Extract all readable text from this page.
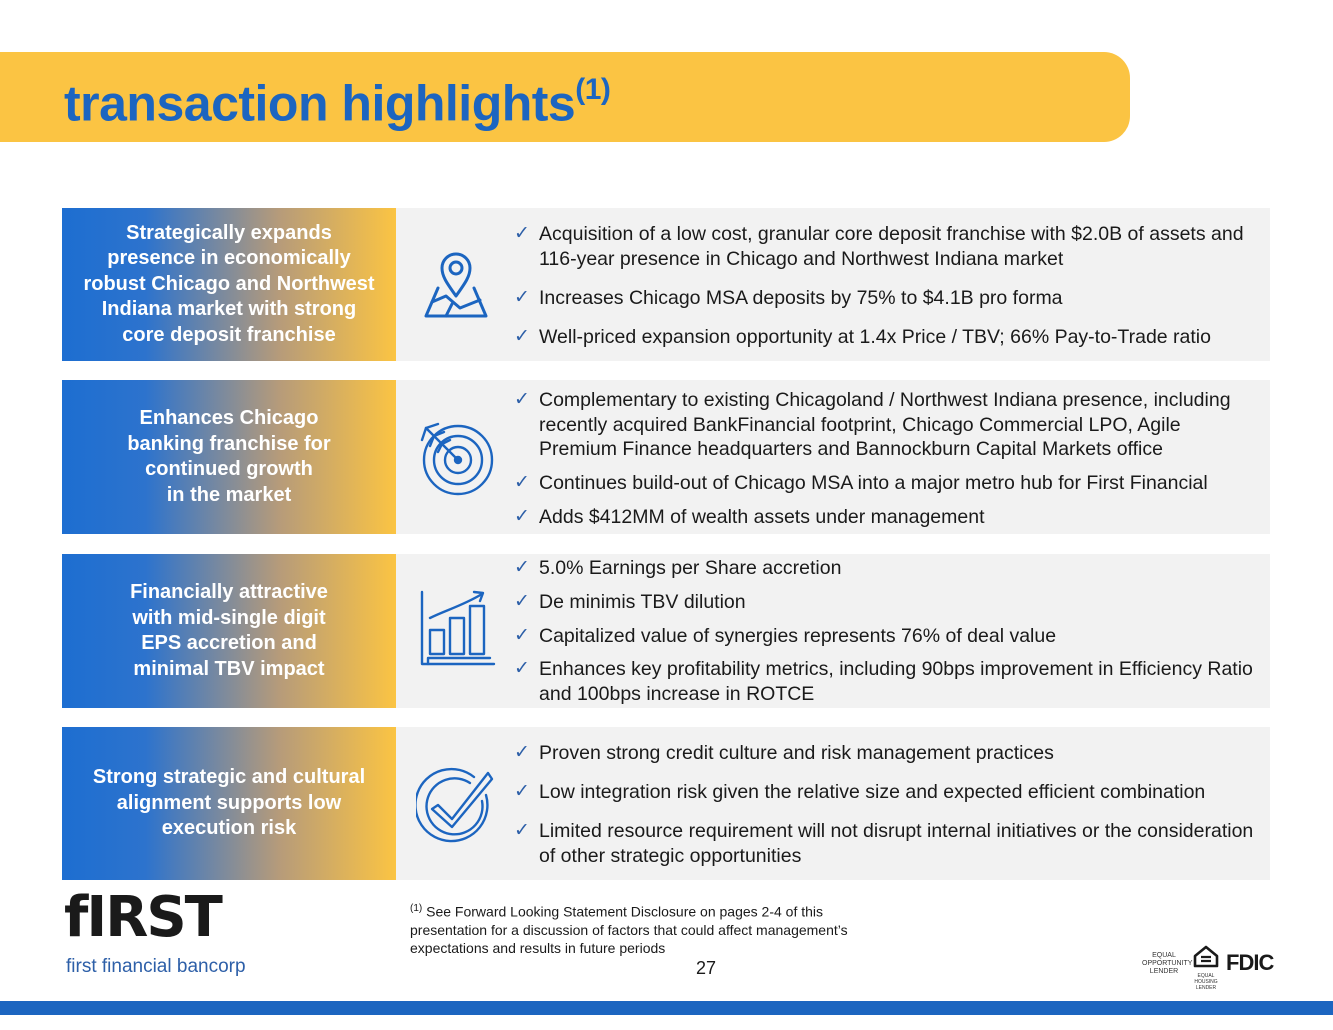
transaction highlights$^{(1)}$
Strategically expands
presence in economically
robust Chicago and Northwest
Indiana market with strong
core deposit franchise
✓ Acquisition of a low cost, granular core deposit franchise with $2.0B of assets and 116-year presence in Chicago and Northwest Indiana market
✓ Increases Chicago MSA deposits by 75% to $4.1B pro forma
✓ Well-priced expansion opportunity at 1.4x Price / TBV; 66% Pay-to-Trade ratio
Enhances Chicago
banking franchise for
continued growth
in the market
✓ Complementary to existing Chicagoland / Northwest Indiana presence, including recently acquired BankFinancial footprint, Chicago Commercial LPO, Agile Premium Finance headquarters and Bannockburn Capital Markets office
✓ Continues build-out of Chicago MSA into a major metro hub for First Financial
✓ Adds $412MM of wealth assets under management
Financially attractive
with mid-single digit
EPS accretion and
minimal TBV impact
✓ 5.0% Earnings per Share accretion
✓ De minimis TBV dilution
✓ Capitalized value of synergies represents 76% of deal value
✓ Enhances key profitability metrics, including 90bps improvement in Efficiency Ratio and 100bps increase in ROTCE
Strong strategic and cultural
alignment supports low
execution risk
✓ Proven strong credit culture and risk management practices
✓ Low integration risk given the relative size and expected efficient combination
✓ Limited resource requirement will not disrupt internal initiatives or the consideration of other strategic opportunities
fIRST
first financial bancorp
$^{(1)}$ See Forward Looking Statement Disclosure on pages 2-4 of this presentation for a discussion of factors that could affect management’s expectations and results in future periods
27
EQUAL OPPORTUNITY LENDER
EQUAL HOUSING LENDER
FDIC
